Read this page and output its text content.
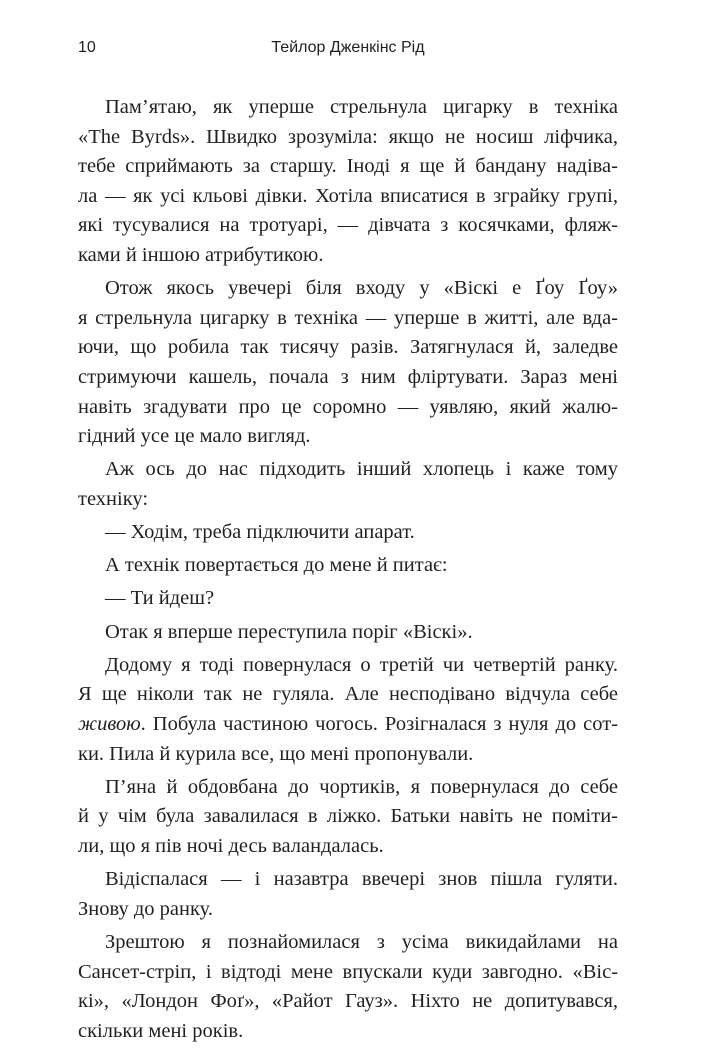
10	Тейлор Дженкінс Рід
Пам’ятаю, як уперше стрельнула цигарку в техніка
«The Byrds». Швидко зрозуміла: якщо не носиш ліфчика,
тебе сприймають за старшу. Іноді я ще й бандану надіва-
ла — як усі кльові дівки. Хотіла вписатися в зграйку групі,
які тусувалися на тротуарі, — дівчата з косячками, фляж-
ками й іншою атрибутикою.
Отож якось увечері біля входу у «Віскі е Ґоу Ґоу»
я стрельнула цигарку в техніка — уперше в житті, але вда-
ючи, що робила так тисячу разів. Затягнулася й, заледве
стримуючи кашель, почала з ним фліртувати. Зараз мені
навіть згадувати про це соромно — уявляю, який жалю-
гідний усе це мало вигляд.
Аж ось до нас підходить інший хлопець і каже тому
техніку:
— Ходім, треба підключити апарат.
А технік повертається до мене й питає:
— Ти йдеш?
Отак я вперше переступила поріг «Віскі».
Додому я тоді повернулася о третій чи четвертій ранку.
Я ще ніколи так не гуляла. Але несподівано відчула себе
живою. Побула частиною чогось. Розігналася з нуля до сот-
ки. Пила й курила все, що мені пропонували.
П’яна й обдовбана до чортиків, я повернулася до себе
й у чім була завалилася в ліжко. Батьки навіть не поміти-
ли, що я пів ночі десь валандалась.
Відіспалася — і назавтра ввечері знов пішла гуляти.
Знову до ранку.
Зрештою я познайомилася з усіма викидайлами на
Сансет-стріп, і відтоді мене впускали куди завгодно. «Віс-
кі», «Лондон Фоґ», «Райот Гауз». Ніхто не допитувався,
скільки мені років.
